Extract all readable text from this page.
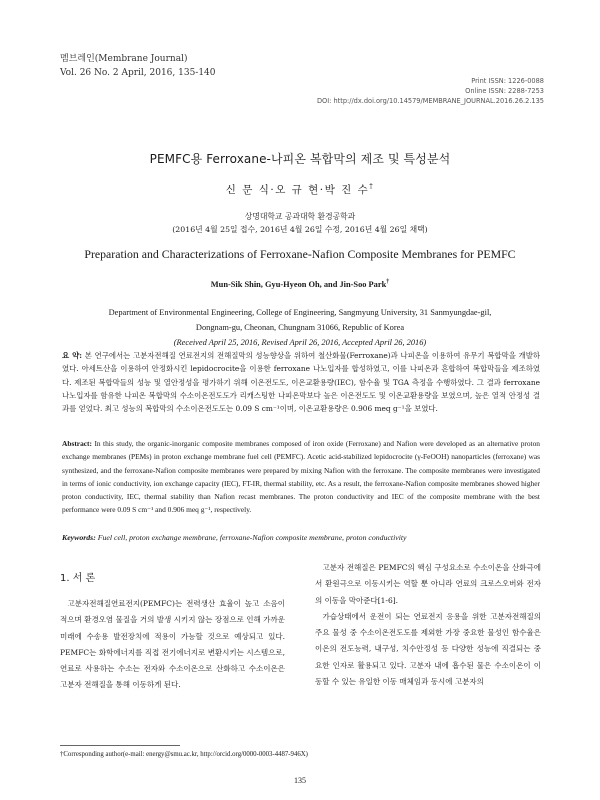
멤브레인(Membrane Journal)
Vol. 26 No. 2 April, 2016, 135-140
Print ISSN: 1226-0088
Online ISSN: 2288-7253
DOI: http://dx.doi.org/10.14579/MEMBRANE_JOURNAL.2016.26.2.135
PEMFC용 Ferroxane-나피온 복합막의 제조 및 특성분석
신 문 식·오 규 현·박 진 수†
상명대학교 공과대학 환경공학과
(2016년 4월 25일 접수, 2016년 4월 26일 수정, 2016년 4월 26일 채택)
Preparation and Characterizations of Ferroxane-Nafion Composite Membranes for PEMFC
Mun-Sik Shin, Gyu-Hyeon Oh, and Jin-Soo Park†
Department of Environmental Engineering, College of Engineering, Sangmyung University, 31 Sanmyungdae-gil,
Dongnam-gu, Cheonan, Chungnam 31066, Republic of Korea
(Received April 25, 2016, Revised April 26, 2016, Accepted April 26, 2016)
요 약: 본 연구에서는 고분자전해질 연료전지의 전해질막의 성능향상을 위하여 철산화물(Ferroxane)과 나피온을 이용하여 유무기 복합막을 개발하였다. 아세트산을 이용하여 안정화시킨 lepidocrocite을 이용한 ferroxane 나노입자를 합성하였고, 이를 나피온과 혼합하여 복합막들을 제조하였다. 제조된 복합막들의 성능 및 열안정성을 평가하기 위해 이온전도도, 이온교환용량(IEC), 함수율 및 TGA 측정을 수행하였다. 그 결과 ferroxane 나노입자를 함유한 나피온 복합막의 수소이온전도도가 리캐스팅한 나피온막보다 높은 이온전도도 및 이온교환용량을 보였으며, 높은 열적 안정성 결과를 얻었다. 최고 성능의 복합막의 수소이온전도도는 0.09 S cm⁻¹이며, 이온교환용량은 0.906 meq g⁻¹을 보였다.
Abstract: In this study, the organic-inorganic composite membranes composed of iron oxide (Ferroxane) and Nafion were developed as an alternative proton exchange membranes (PEMs) in proton exchange membrane fuel cell (PEMFC). Acetic acid-stabilized lepidocrocite (γ-FeOOH) nanoparticles (ferroxane) was synthesized, and the ferroxane-Nafion composite membranes were prepared by mixing Nafion with the ferroxane. The composite membranes were investigated in terms of ionic conductivity, ion exchange capacity (IEC), FT-IR, thermal stability, etc. As a result, the ferroxane-Nafion composite membranes showed higher proton conductivity, IEC, thermal stability than Nafion recast membranes. The proton conductivity and IEC of the composite membrane with the best performance were 0.09 S cm⁻¹ and 0.906 meq g⁻¹, respectively.
Keywords: Fuel cell, proton exchange membrane, ferroxane-Nafion composite membrane, proton conductivity
1. 서 론
고분자전해질연료전지(PEMFC)는 전력생산 효율이 높고 소음이 적으며 환경오염 물질을 거의 발생 시키지 않는 장점으로 인해 가까운 미래에 수송용 발전장치에 적용이 가능할 것으로 예상되고 있다. PEMFC는 화학에너지를 직접 전기에너지로 변환시키는 시스템으로, 연료로 사용하는 수소는 전자와 수소이온으로 산화하고 수소이온은 고분자 전해질을 통해 이동하게 된다.
고분자 전해질은 PEMFC의 핵심 구성요소로 수소이온을 산화극에서 환원극으로 이동시키는 역할 뿐 아니라 연료의 크로스오버와 전자의 이동을 막아준다[1-6].
가습상태에서 운전이 되는 연료전지 응용을 위한 고분자전해질의 주요 물성 중 수소이온전도도를 제외한 가장 중요한 물성인 함수율은 이온의 전도능력, 내구성, 치수안정성 등 다양한 성능에 직결되는 중요한 인자로 활용되고 있다. 고분자 내에 흡수된 물은 수소이온이 이동할 수 있는 유일한 이동 매체임과 동시에 고분자의
†Corresponding author(e-mail: energy@smu.ac.kr, http://orcid.org/0000-0003-4487-946X)
135
